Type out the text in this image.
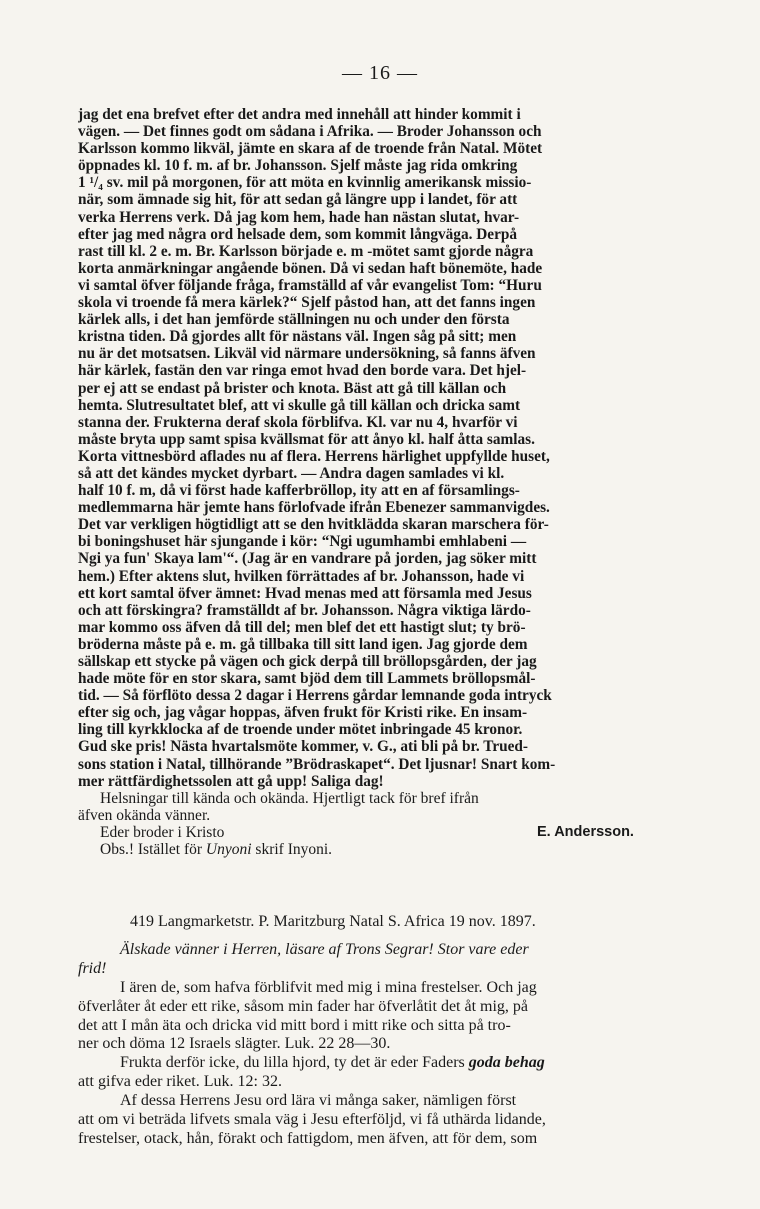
— 16 —
jag det ena brefvet efter det andra med innehåll att hinder kommit i
vägen. — Det finnes godt om sådana i Afrika. — Broder Johansson och
Karlsson kommo likväl, jämte en skara af de troende från Natal. Mötet
öppnades kl. 10 f. m. af br. Johansson. Sjelf måste jag rida omkring
1 ¹/₄ sv. mil på morgonen, för att möta en kvinnlig amerikansk missio-
när, som ämnade sig hit, för att sedan gå längre upp i landet, för att
verka Herrens verk. Då jag kom hem, hade han nästan slutat, hvar-
efter jag med några ord helsade dem, som kommit långväga. Derpå
rast till kl. 2 e. m. Br. Karlsson började e. m -mötet samt gjorde några
korta anmärkningar angående bönen. Då vi sedan haft bönemöte, hade
vi samtal öfver följande fråga, framställd af vår evangelist Tom: “Huru
skola vi troende få mera kärlek?“ Sjelf påstod han, att det fanns ingen
kärlek alls, i det han jemförde ställningen nu och under den första
kristna tiden. Då gjordes allt för nästans väl. Ingen såg på sitt; men
nu är det motsatsen. Likväl vid närmare undersökning, så fanns äfven
här kärlek, fastän den var ringa emot hvad den borde vara. Det hjel-
per ej att se endast på brister och knota. Bäst att gå till källan och
hemta. Slutresultatet blef, att vi skulle gå till källan och dricka samt
stanna der. Frukterna deraf skola förblifva. Kl. var nu 4, hvarför vi
måste bryta upp samt spisa kvällsmat för att ånyo kl. half åtta samlas.
Korta vittnesbörd aflades nu af flera. Herrens härlighet uppfyllde huset,
så att det kändes mycket dyrbart. — Andra dagen samlades vi kl.
half 10 f. m, då vi först hade kafferbröllop, ity att en af församlings-
medlemmarna här jemte hans förlofvade ifrån Ebenezer sammanvigdes.
Det var verkligen högtidligt att se den hvitklädda skaran marschera för-
bi boningshuset här sjungande i kör: “Ngi ugumhambi emhlabeni —
Ngi ya fun' Skaya lam'“. (Jag är en vandrare på jorden, jag söker mitt
hem.) Efter aktens slut, hvilken förrättades af br. Johansson, hade vi
ett kort samtal öfver ämnet: Hvad menas med att församla med Jesus
och att förskingra? framställdt af br. Johansson. Några viktiga lärdo-
mar kommo oss äfven då till del; men blef det ett hastigt slut; ty brö-
bröderna måste på e. m. gå tillbaka till sitt land igen. Jag gjorde dem
sällskap ett stycke på vägen och gick derpå till bröllopsgården, der jag
hade möte för en stor skara, samt bjöd dem till Lammets bröllopsmål-
tid. — Så förflöto dessa 2 dagar i Herrens gårdar lemnande goda intryck
efter sig och, jag vågar hoppas, äfven frukt för Kristi rike. En insam-
ling till kyrkklocka af de troende under mötet inbringade 45 kronor.
Gud ske pris! Nästa hvartalsmöte kommer, v. G., ati bli på br. Trued-
sons station i Natal, tillhörande ”Brödraskapet“. Det ljusnar! Snart kom-
mer rättfärdighetssolen att gå upp! Saliga dag!
Helsningar till kända och okända. Hjertligt tack för bref ifrån
äfven okända vänner.
Eder broder i Kristo	E. Andersson.
Obs.! Istället för Unyoni skrif Inyoni.
419 Langmarketstr. P. Maritzburg Natal S. Africa 19 nov. 1897.
Älskade vänner i Herren, läsare af Trons Segrar! Stor vare eder
frid!
I ären de, som hafva förblifvit med mig i mina frestelser. Och jag
öfverlåter åt eder ett rike, såsom min fader har öfverlåtit det åt mig, på
det att I mån äta och dricka vid mitt bord i mitt rike och sitta på tro-
ner och döma 12 Israels slägter. Luk. 22 28—30.
Frukta derför icke, du lilla hjord, ty det är eder Faders goda behag
att gifva eder riket. Luk. 12: 32.
Af dessa Herrens Jesu ord lära vi många saker, nämligen först
att om vi beträda lifvets smala väg i Jesu efterföljd, vi få uthärda lidande,
frestelser, otack, hån, förakt och fattigdom, men äfven, att för dem, som
